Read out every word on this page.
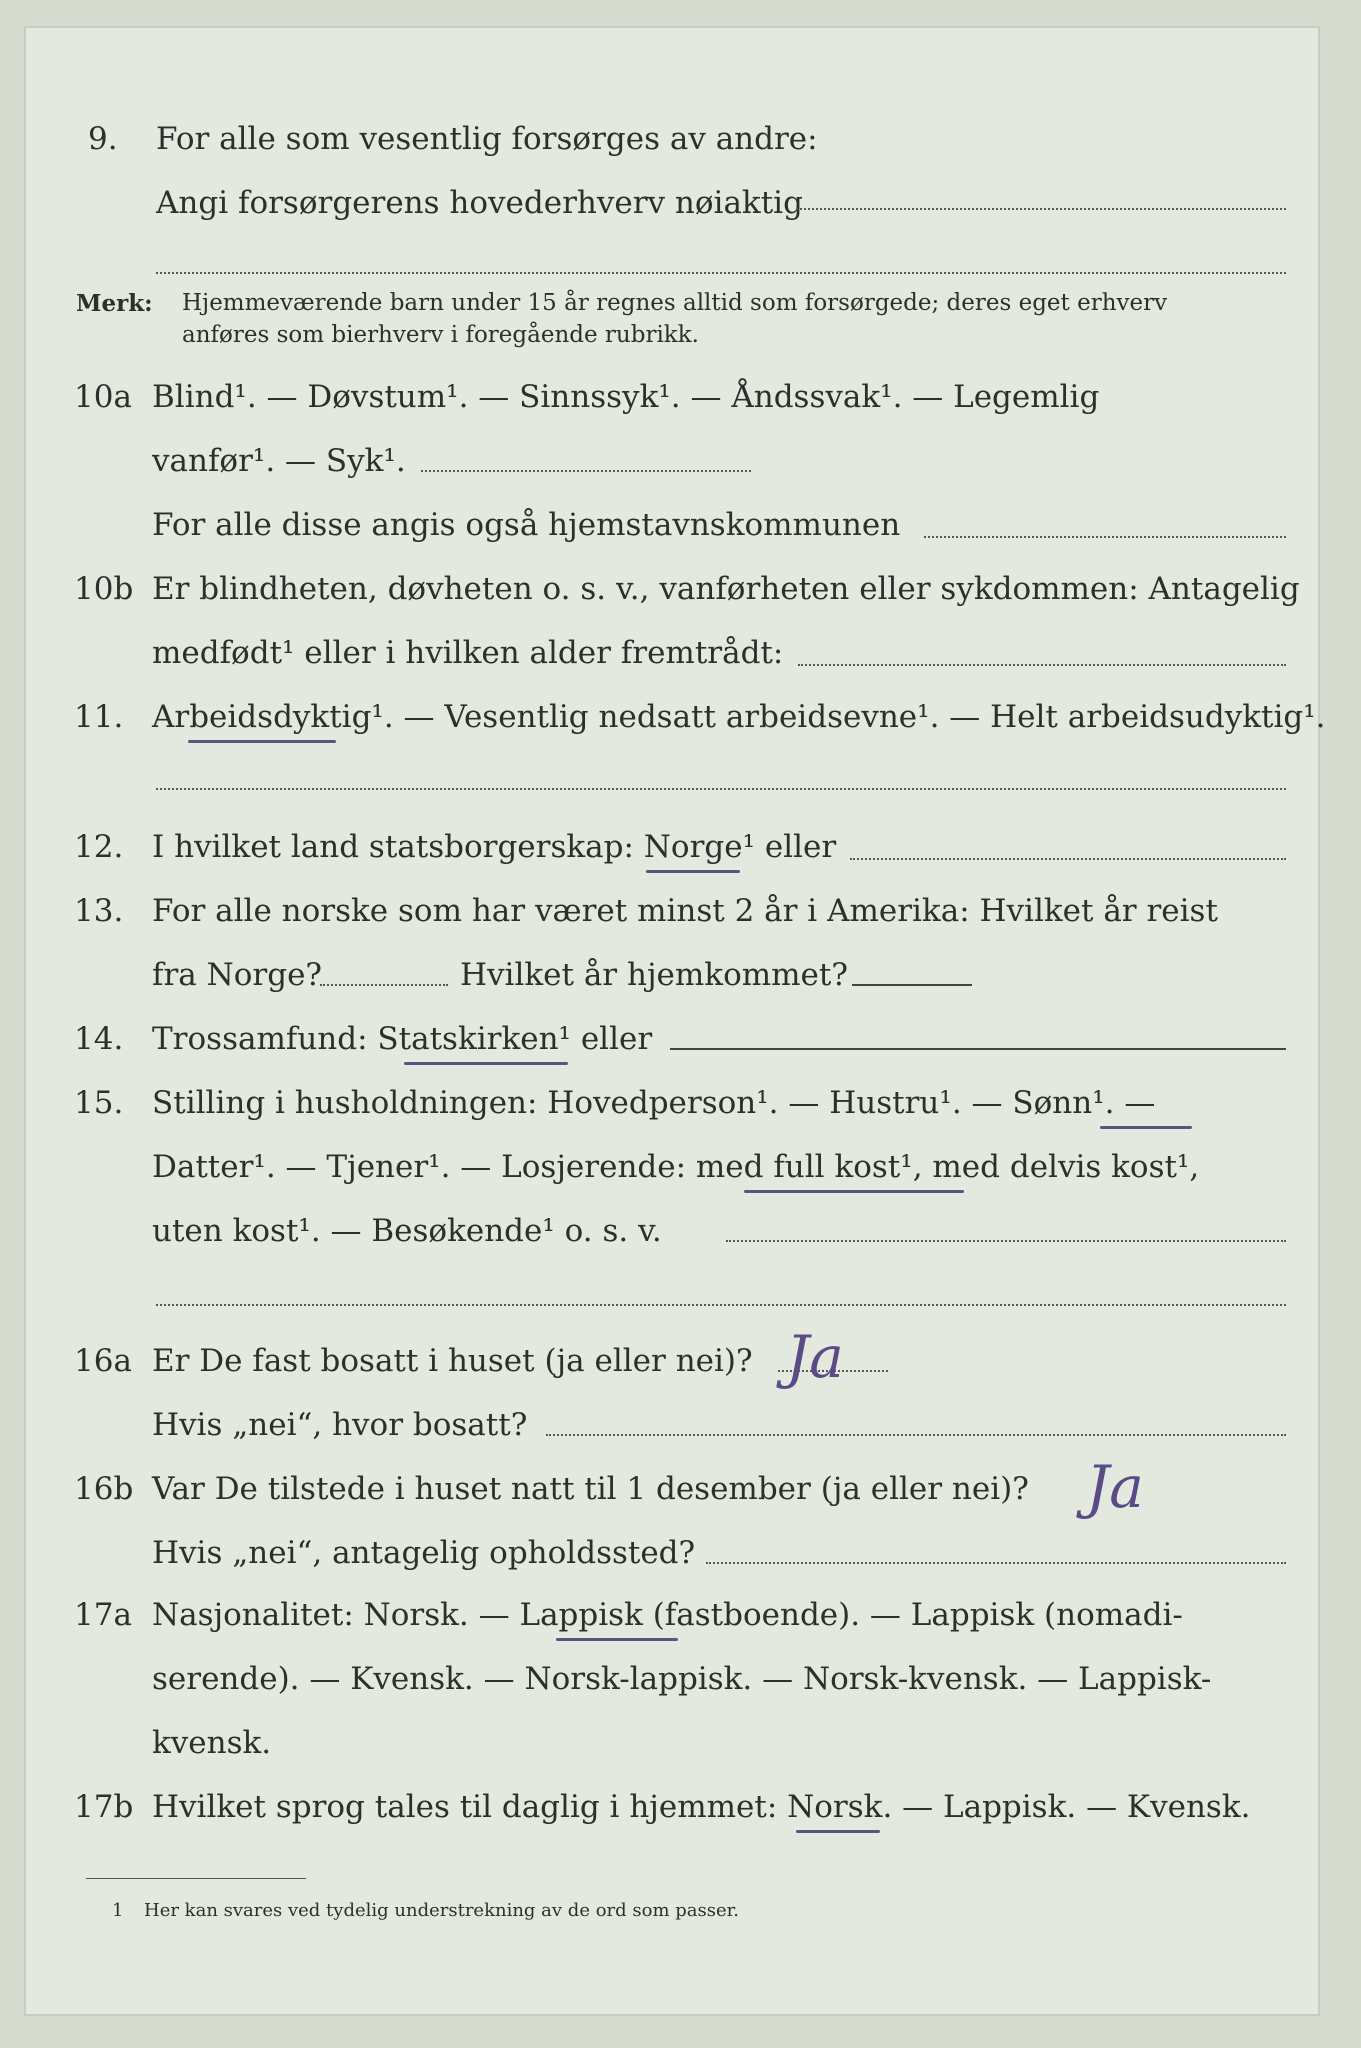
9. For alle som vesentlig forsørges av andre:
Angi forsørgerens hovederhverv nøiaktig
Merk: Hjemmeværende barn under 15 år regnes alltid som forsørgede; deres eget erhverv
anføres som bierhverv i foregående rubrikk.
10a Blind¹. — Døvstum¹. — Sinnssyk¹. — Åndssvak¹. — Legemlig
vanfør¹. — Syk¹.
For alle disse angis også hjemstavnskommunen
10b Er blindheten, døvheten o. s. v., vanførheten eller sykdommen: Antagelig
medfødt¹ eller i hvilken alder fremtrådt:
11. Arbeidsdyktig¹. — Vesentlig nedsatt arbeidsevne¹. — Helt arbeidsudyktig¹.
12. I hvilket land statsborgerskap: Norge¹ eller
13. For alle norske som har været minst 2 år i Amerika: Hvilket år reist
fra Norge?	Hvilket år hjemkommet?
14. Trossamfund: Statskirken¹ eller
15. Stilling i husholdningen: Hovedperson¹. — Hustru¹. — Sønn¹. —
Datter¹. — Tjener¹. — Losjerende: med full kost¹, med delvis kost¹,
uten kost¹. — Besøkende¹ o. s. v.
16a Er De fast bosatt i huset (ja eller nei)? Ja
Hvis „nei“, hvor bosatt?
16b Var De tilstede i huset natt til 1 desember (ja eller nei)? Ja
Hvis „nei“, antagelig opholdssted?
17a Nasjonalitet: Norsk. — Lappisk (fastboende). — Lappisk (nomadi-
serende). — Kvensk. — Norsk-lappisk. — Norsk-kvensk. — Lappisk-
kvensk.
17b Hvilket sprog tales til daglig i hjemmet: Norsk. — Lappisk. — Kvensk.
1 Her kan svares ved tydelig understrekning av de ord som passer.
